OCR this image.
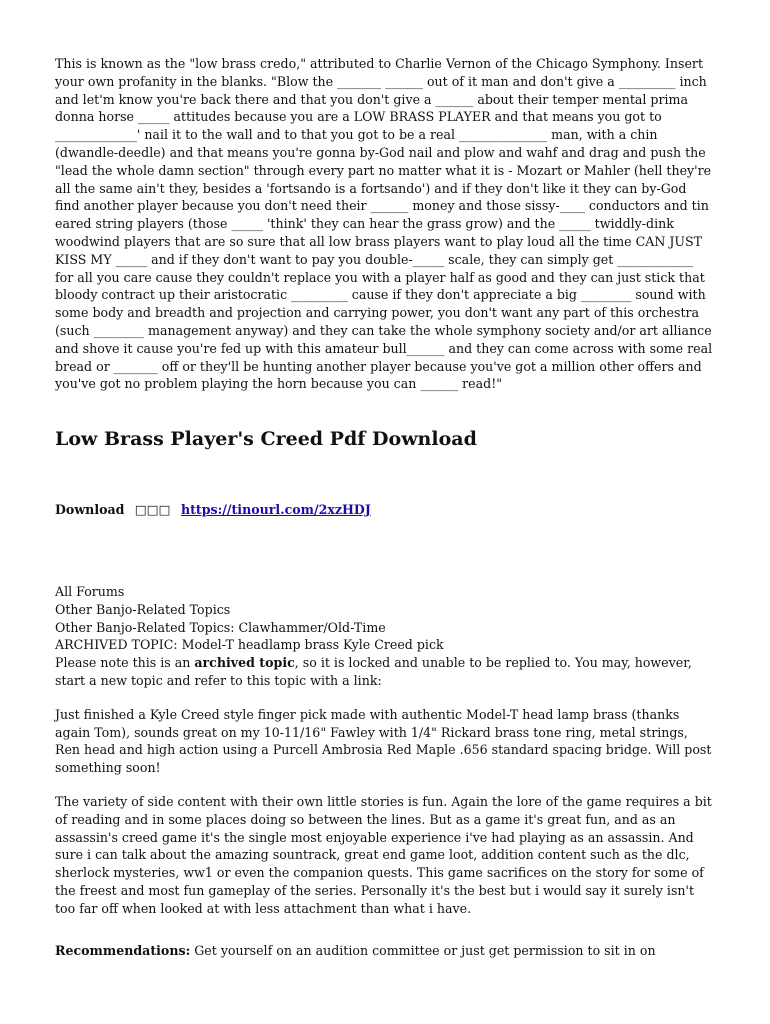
This is known as the "low brass credo," attributed to Charlie Vernon of the Chicago Symphony. Insert your own profanity in the blanks. "Blow the _______ ______ out of it man and don't give a _________ inch and let'm know you're back there and that you don't give a ______ about their temper mental prima donna horse _____ attitudes because you are a LOW BRASS PLAYER and that means you got to _____________' nail it to the wall and to that you got to be a real ______________ man, with a chin (dwandle-deedle) and that means you're gonna by-God nail and plow and wahf and drag and push the "lead the whole damn section" through every part no matter what it is - Mozart or Mahler (hell they're all the same ain't they, besides a 'fortsando is a fortsando') and if they don't like it they can by-God find another player because you don't need their ______ money and those sissy-____ conductors and tin eared string players (those _____ 'think' they can hear the grass grow) and the _____ twiddly-dink woodwind players that are so sure that all low brass players want to play loud all the time CAN JUST KISS MY _____ and if they don't want to pay you double-_____ scale, they can simply get ____________ for all you care cause they couldn't replace you with a player half as good and they can just stick that bloody contract up their aristocratic _________ cause if they don't appreciate a big ________ sound with some body and breadth and projection and carrying power, you don't want any part of this orchestra (such ________ management anyway) and they can take the whole symphony society and/or art alliance and shove it cause you're fed up with this amateur bull______ and they can come across with some real bread or _______ off or they'll be hunting another player because you've got a million other offers and you've got no problem playing the horn because you can ______ read!"

Low Brass Player's Creed Pdf Download
Download □□□ https://tinourl.com/2xzHDJ

All Forums

Other Banjo-Related Topics

Other Banjo-Related Topics: Clawhammer/Old-Time

ARCHIVED TOPIC: Model-T headlamp brass Kyle Creed pick

Please note this is an archived topic, so it is locked and unable to be replied to. You may, however, start a new topic and refer to this topic with a link:

Just finished a Kyle Creed style finger pick made with authentic Model-T head lamp brass (thanks again Tom), sounds great on my 10-11/16" Fawley with 1/4" Rickard brass tone ring, metal strings, Ren head and high action using a Purcell Ambrosia Red Maple .656 standard spacing bridge. Will post something soon!

The variety of side content with their own little stories is fun. Again the lore of the game requires a bit of reading and in some places doing so between the lines. But as a game it's great fun, and as an assassin's creed game it's the single most enjoyable experience i've had playing as an assassin. And sure i can talk about the amazing sountrack, great end game loot, addition content such as the dlc, sherlock mysteries, ww1 or even the companion quests. This game sacrifices on the story for some of the freest and most fun gameplay of the series. Personally it's the best but i would say it surely isn't too far off when looked at with less attachment than what i have.

Recommendations: Get yourself on an audition committee or just get permission to sit in on
